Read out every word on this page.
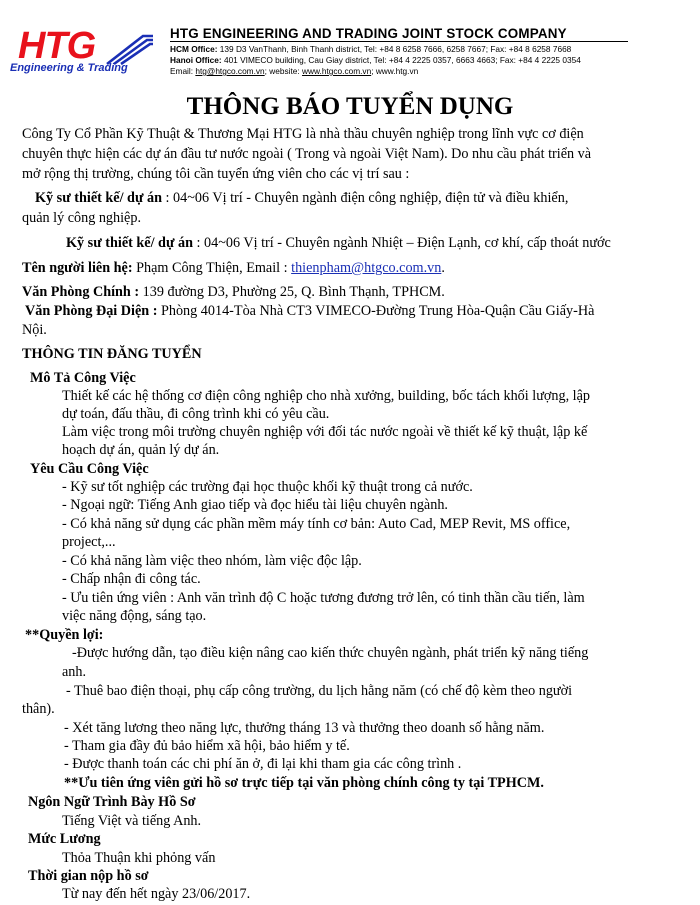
HTG
Engineering & Trading
HTG ENGINEERING AND TRADING JOINT STOCK COMPANY
HCM Office: 139 D3 VanThanh, Binh Thanh district, Tel: +84 8 6258 7666, 6258 7667; Fax: +84 8 6258 7668
Hanoi Office: 401 VIMECO building, Cau Giay district, Tel: +84 4 2225 0357, 6663 4663; Fax: +84 4 2225 0354
Email: htg@htgco.com.vn; website: www.htgco.com.vn; www.htg.vn
THÔNG BÁO TUYỂN DỤNG
Công Ty Cổ Phần Kỹ Thuật & Thương Mại HTG là nhà thầu chuyên nghiệp trong lĩnh vực cơ điện
chuyên thực hiện các dự án đầu tư nước ngoài ( Trong và ngoài Việt Nam). Do nhu cầu phát triển và
mở rộng thị trường, chúng tôi cần tuyển ứng viên cho các vị trí sau :
Kỹ sư thiết kế/ dự án : 04~06 Vị trí - Chuyên ngành điện công nghiệp, điện tử và điều khiển,
quản lý công nghiệp.
Kỹ sư thiết kế/ dự án : 04~06 Vị trí - Chuyên ngành Nhiệt – Điện Lạnh, cơ khí, cấp thoát nước
Tên người liên hệ: Phạm Công Thiện, Email : thienpham@htgco.com.vn.
Văn Phòng Chính : 139 đường D3, Phường 25, Q. Bình Thạnh, TPHCM.
Văn Phòng Đại Diện : Phòng 4014-Tòa Nhà CT3 VIMECO-Đường Trung Hòa-Quận Cầu Giấy-Hà
Nội.
THÔNG TIN ĐĂNG TUYỂN
Mô Tả Công Việc
Thiết kế các hệ thống cơ điện công nghiệp cho nhà xưởng, building, bốc tách khối lượng, lập
dự toán, đấu thầu, đi công trình khi có yêu cầu.
Làm việc trong môi trường chuyên nghiệp với đối tác nước ngoài về thiết kế kỹ thuật, lập kế
hoạch dự án, quản lý dự án.
Yêu Cầu Công Việc
- Kỹ sư tốt nghiệp các trường đại học thuộc khối kỹ thuật trong cả nước.
- Ngoại ngữ: Tiếng Anh giao tiếp và đọc hiểu tài liệu chuyên ngành.
- Có khả năng sử dụng các phần mềm máy tính cơ bản: Auto Cad, MEP Revit, MS office,
project,...
- Có khả năng làm việc theo nhóm, làm việc độc lập.
- Chấp nhận đi công tác.
- Ưu tiên ứng viên : Anh văn trình độ C hoặc tương đương trở lên, có tinh thần cầu tiến, làm
việc năng động, sáng tạo.
**Quyền lợi:
-Được hướng dẫn, tạo điều kiện nâng cao kiến thức chuyên ngành, phát triển kỹ năng tiếng
anh.
- Thuê bao điện thoại, phụ cấp công trường, du lịch hằng năm (có chế độ kèm theo người
thân).
- Xét tăng lương theo năng lực, thưởng tháng 13 và thưởng theo doanh số hằng năm.
- Tham gia đầy đủ bảo hiểm xã hội, bảo hiểm y tế.
- Được thanh toán các chi phí ăn ở, đi lại khi tham gia các công trình .
**Ưu tiên ứng viên gửi hồ sơ trực tiếp tại văn phòng chính công ty tại TPHCM.
Ngôn Ngữ Trình Bày Hồ Sơ
Tiếng Việt và tiếng Anh.
Mức Lương
Thỏa Thuận khi phỏng vấn
Thời gian nộp hồ sơ
Từ nay đến hết ngày 23/06/2017.
